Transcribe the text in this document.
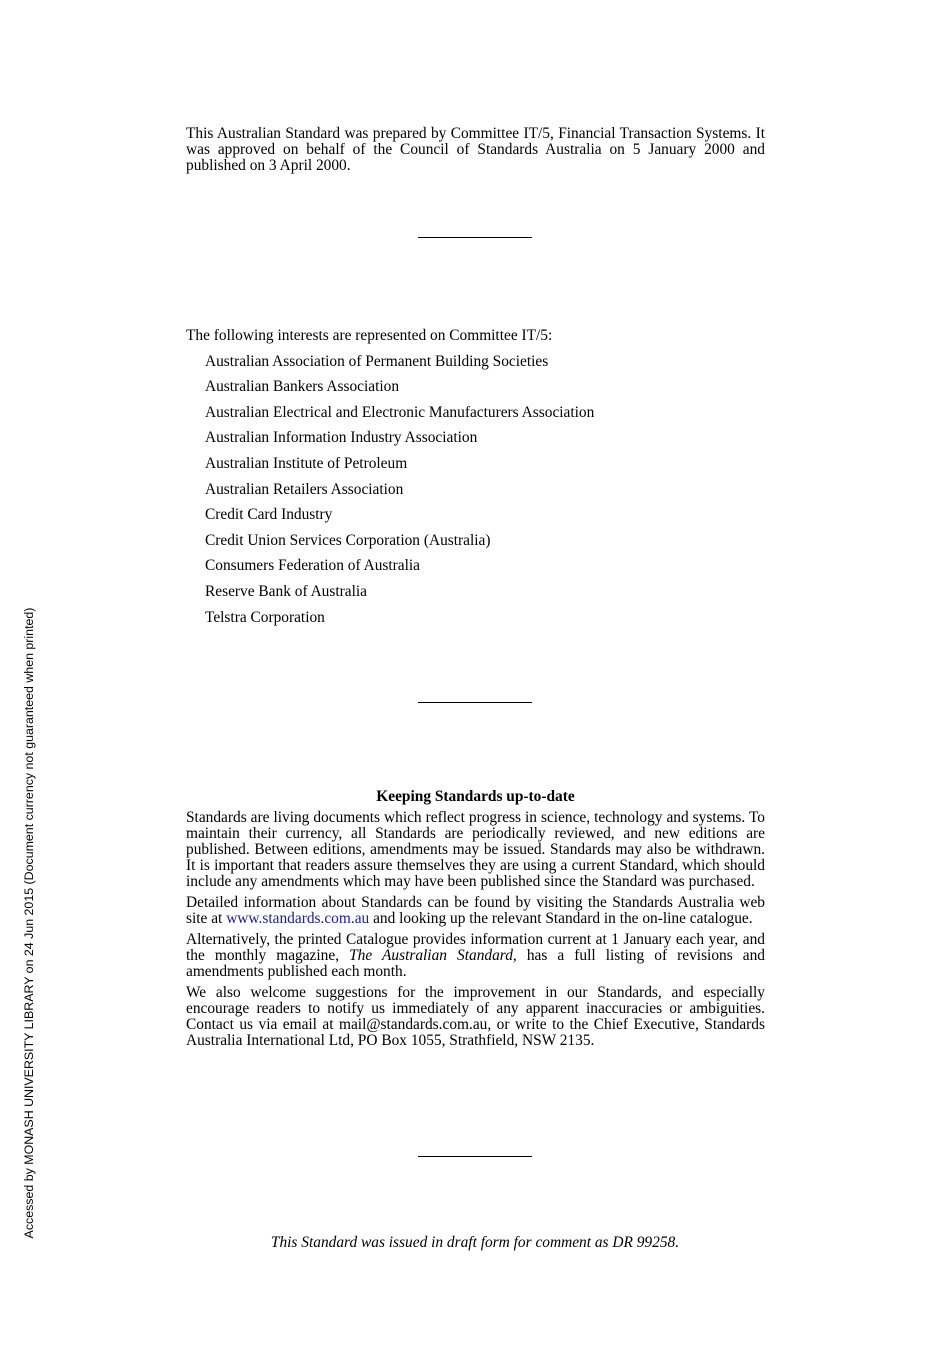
Accessed by MONASH UNIVERSITY LIBRARY on 24 Jun 2015 (Document currency not guaranteed when printed)

This Australian Standard was prepared by Committee IT/5, Financial Transaction Systems. It was approved on behalf of the Council of Standards Australia on 5 January 2000 and published on 3 April 2000.

The following interests are represented on Committee IT/5:

Australian Association of Permanent Building Societies
Australian Bankers Association
Australian Electrical and Electronic Manufacturers Association
Australian Information Industry Association
Australian Institute of Petroleum
Australian Retailers Association
Credit Card Industry
Credit Union Services Corporation (Australia)
Consumers Federation of Australia
Reserve Bank of Australia
Telstra Corporation
Keeping Standards up-to-date

Standards are living documents which reflect progress in science, technology and systems. To maintain their currency, all Standards are periodically reviewed, and new editions are published. Between editions, amendments may be issued. Standards may also be withdrawn. It is important that readers assure themselves they are using a current Standard, which should include any amendments which may have been published since the Standard was purchased.

Detailed information about Standards can be found by visiting the Standards Australia web site at www.standards.com.au and looking up the relevant Standard in the on-line catalogue.

Alternatively, the printed Catalogue provides information current at 1 January each year, and the monthly magazine, The Australian Standard, has a full listing of revisions and amendments published each month.

We also welcome suggestions for the improvement in our Standards, and especially encourage readers to notify us immediately of any apparent inaccuracies or ambiguities. Contact us via email at mail@standards.com.au, or write to the Chief Executive, Standards Australia International Ltd, PO Box 1055, Strathfield, NSW 2135.

This Standard was issued in draft form for comment as DR 99258.
